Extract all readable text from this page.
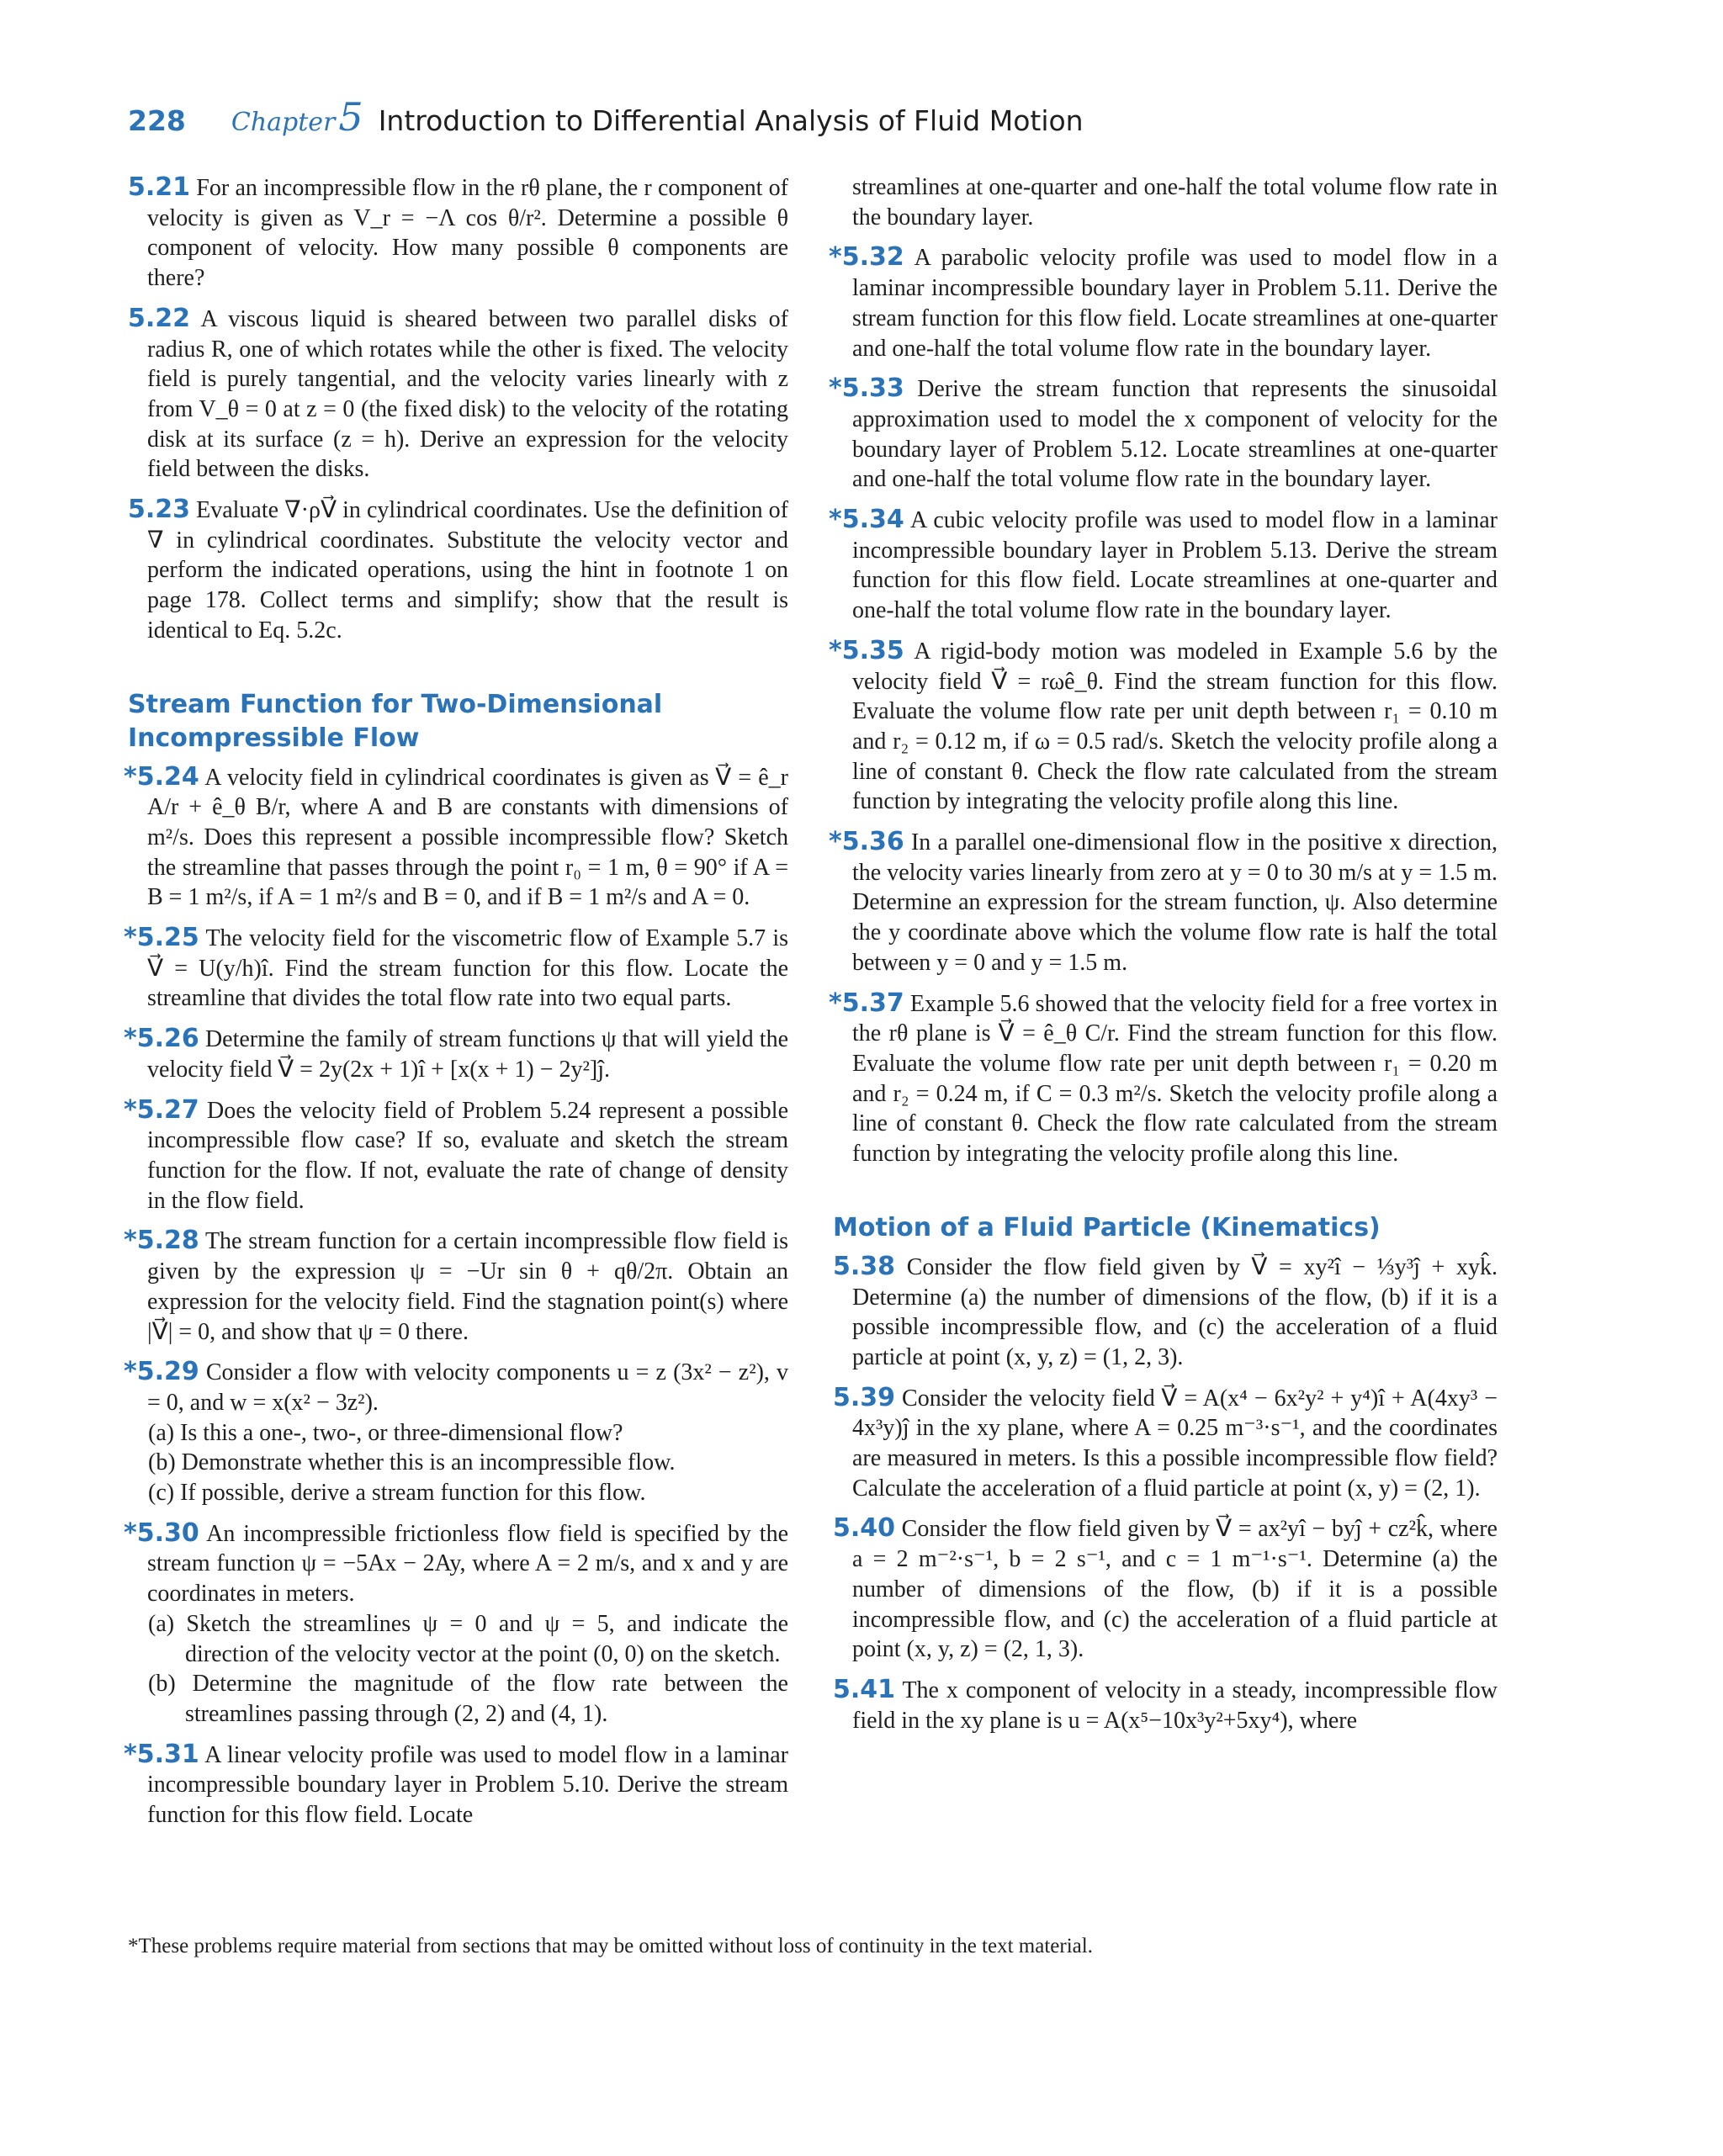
228 Chapter5 Introduction to Differential Analysis of Fluid Motion

5.21 For an incompressible flow in the rθ plane, the r component of velocity is given as V_r = −Λ cos θ/r². Determine a possible θ component of velocity. How many possible θ components are there?

5.22 A viscous liquid is sheared between two parallel disks of radius R, one of which rotates while the other is fixed. The velocity field is purely tangential, and the velocity varies linearly with z from V_θ = 0 at z = 0 (the fixed disk) to the velocity of the rotating disk at its surface (z = h). Derive an expression for the velocity field between the disks.

5.23 Evaluate ∇·ρV⃗ in cylindrical coordinates. Use the definition of ∇ in cylindrical coordinates. Substitute the velocity vector and perform the indicated operations, using the hint in footnote 1 on page 178. Collect terms and simplify; show that the result is identical to Eq. 5.2c.

Stream Function for Two-Dimensional
Incompressible Flow

*5.24 A velocity field in cylindrical coordinates is given as V⃗ = ê_r A/r + ê_θ B/r, where A and B are constants with dimensions of m²/s. Does this represent a possible incompressible flow? Sketch the streamline that passes through the point r₀ = 1 m, θ = 90° if A = B = 1 m²/s, if A = 1 m²/s and B = 0, and if B = 1 m²/s and A = 0.

*5.25 The velocity field for the viscometric flow of Example 5.7 is V⃗ = U(y/h)î. Find the stream function for this flow. Locate the streamline that divides the total flow rate into two equal parts.

*5.26 Determine the family of stream functions ψ that will yield the velocity field V⃗ = 2y(2x + 1)î + [x(x + 1) − 2y²]ĵ.

*5.27 Does the velocity field of Problem 5.24 represent a possible incompressible flow case? If so, evaluate and sketch the stream function for the flow. If not, evaluate the rate of change of density in the flow field.

*5.28 The stream function for a certain incompressible flow field is given by the expression ψ = −Ur sin θ + qθ/2π. Obtain an expression for the velocity field. Find the stagnation point(s) where |V⃗| = 0, and show that ψ = 0 there.

*5.29 Consider a flow with velocity components u = z (3x² − z²), v = 0, and w = x(x² − 3z²).

(a) Is this a one-, two-, or three-dimensional flow?

(b) Demonstrate whether this is an incompressible flow.

(c) If possible, derive a stream function for this flow.

*5.30 An incompressible frictionless flow field is specified by the stream function ψ = −5Ax − 2Ay, where A = 2 m/s, and x and y are coordinates in meters.

(a) Sketch the streamlines ψ = 0 and ψ = 5, and indicate the direction of the velocity vector at the point (0, 0) on the sketch.

(b) Determine the magnitude of the flow rate between the streamlines passing through (2, 2) and (4, 1).

*5.31 A linear velocity profile was used to model flow in a laminar incompressible boundary layer in Problem 5.10. Derive the stream function for this flow field. Locate

streamlines at one-quarter and one-half the total volume flow rate in the boundary layer.

*5.32 A parabolic velocity profile was used to model flow in a laminar incompressible boundary layer in Problem 5.11. Derive the stream function for this flow field. Locate streamlines at one-quarter and one-half the total volume flow rate in the boundary layer.

*5.33 Derive the stream function that represents the sinusoidal approximation used to model the x component of velocity for the boundary layer of Problem 5.12. Locate streamlines at one-quarter and one-half the total volume flow rate in the boundary layer.

*5.34 A cubic velocity profile was used to model flow in a laminar incompressible boundary layer in Problem 5.13. Derive the stream function for this flow field. Locate streamlines at one-quarter and one-half the total volume flow rate in the boundary layer.

*5.35 A rigid-body motion was modeled in Example 5.6 by the velocity field V⃗ = rωê_θ. Find the stream function for this flow. Evaluate the volume flow rate per unit depth between r₁ = 0.10 m and r₂ = 0.12 m, if ω = 0.5 rad/s. Sketch the velocity profile along a line of constant θ. Check the flow rate calculated from the stream function by integrating the velocity profile along this line.

*5.36 In a parallel one-dimensional flow in the positive x direction, the velocity varies linearly from zero at y = 0 to 30 m/s at y = 1.5 m. Determine an expression for the stream function, ψ. Also determine the y coordinate above which the volume flow rate is half the total between y = 0 and y = 1.5 m.

*5.37 Example 5.6 showed that the velocity field for a free vortex in the rθ plane is V⃗ = ê_θ C/r. Find the stream function for this flow. Evaluate the volume flow rate per unit depth between r₁ = 0.20 m and r₂ = 0.24 m, if C = 0.3 m²/s. Sketch the velocity profile along a line of constant θ. Check the flow rate calculated from the stream function by integrating the velocity profile along this line.

Motion of a Fluid Particle (Kinematics)

5.38 Consider the flow field given by V⃗ = xy²î − ⅓y³ĵ + xyk̂. Determine (a) the number of dimensions of the flow, (b) if it is a possible incompressible flow, and (c) the acceleration of a fluid particle at point (x, y, z) = (1, 2, 3).

5.39 Consider the velocity field V⃗ = A(x⁴ − 6x²y² + y⁴)î + A(4xy³ − 4x³y)ĵ in the xy plane, where A = 0.25 m⁻³·s⁻¹, and the coordinates are measured in meters. Is this a possible incompressible flow field? Calculate the acceleration of a fluid particle at point (x, y) = (2, 1).

5.40 Consider the flow field given by V⃗ = ax²yî − byĵ + cz²k̂, where a = 2 m⁻²·s⁻¹, b = 2 s⁻¹, and c = 1 m⁻¹·s⁻¹. Determine (a) the number of dimensions of the flow, (b) if it is a possible incompressible flow, and (c) the acceleration of a fluid particle at point (x, y, z) = (2, 1, 3).

5.41 The x component of velocity in a steady, incompressible flow field in the xy plane is u = A(x⁵−10x³y²+5xy⁴), where

*These problems require material from sections that may be omitted without loss of continuity in the text material.
